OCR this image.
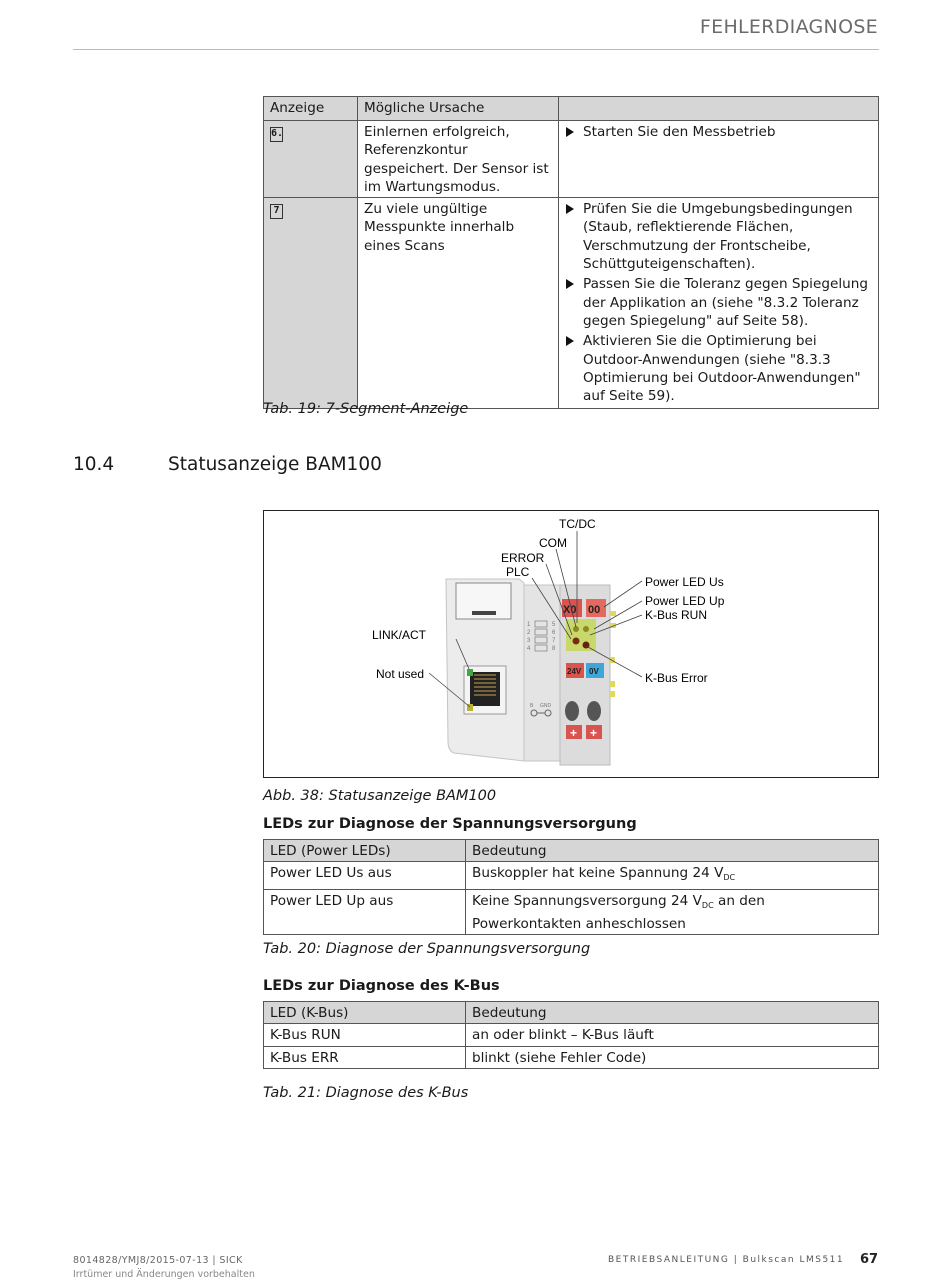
FEHLERDIAGNOSE
Anzeige	Mögliche Ursache	
6.	Einlernen erfolgreich, Referenzkontur gespeichert. Der Sensor ist im Wartungsmodus.	Starten Sie den Messbetrieb

7	Zu viele ungültige Messpunkte innerhalb eines Scans	Prüfen Sie die Umgebungsbedingungen (Staub, reflektierende Flächen, Verschmutzung der Frontscheibe, Schüttguteigenschaften).
Passen Sie die Toleranz gegen Spiegelung der Applikation an (siehe "8.3.2 Toleranz gegen Spiegelung" auf Seite 58).
Aktivieren Sie die Optimierung bei Outdoor-Anwendungen (siehe "8.3.3 Optimierung bei Outdoor-Anwendungen" auf Seite 59).
Tab. 19: 7-Segment-Anzeige
10.4	Statusanzeige BAM100
1
2
3
4
5
6
7
8
B GND
X0 00
24V 0V
+ +
TC/DC
COM
ERROR
PLC
Power LED Us
Power LED Up
K-Bus RUN
K-Bus Error
LINK/ACT
Not used
Abb. 38: Statusanzeige BAM100
LEDs zur Diagnose der Spannungsversorgung
LED (Power LEDs)	Bedeutung
Power LED Us aus	Buskoppler hat keine Spannung 24 $V_{DC}$
Power LED Up aus	Keine Spannungsversorgung 24 $V_{DC}$ an den Powerkontakten anheschlossen
Tab. 20: Diagnose der Spannungsversorgung
LEDs zur Diagnose des K-Bus
LED (K-Bus)	Bedeutung
K-Bus RUN	an oder blinkt – K-Bus läuft
K-Bus ERR	blinkt (siehe Fehler Code)
Tab. 21: Diagnose des K-Bus
8014828/YMJ8/2015-07-13 | SICK
Irrtümer und Änderungen vorbehalten
BETRIEBSANLEITUNG | Bulkscan LMS511 67
